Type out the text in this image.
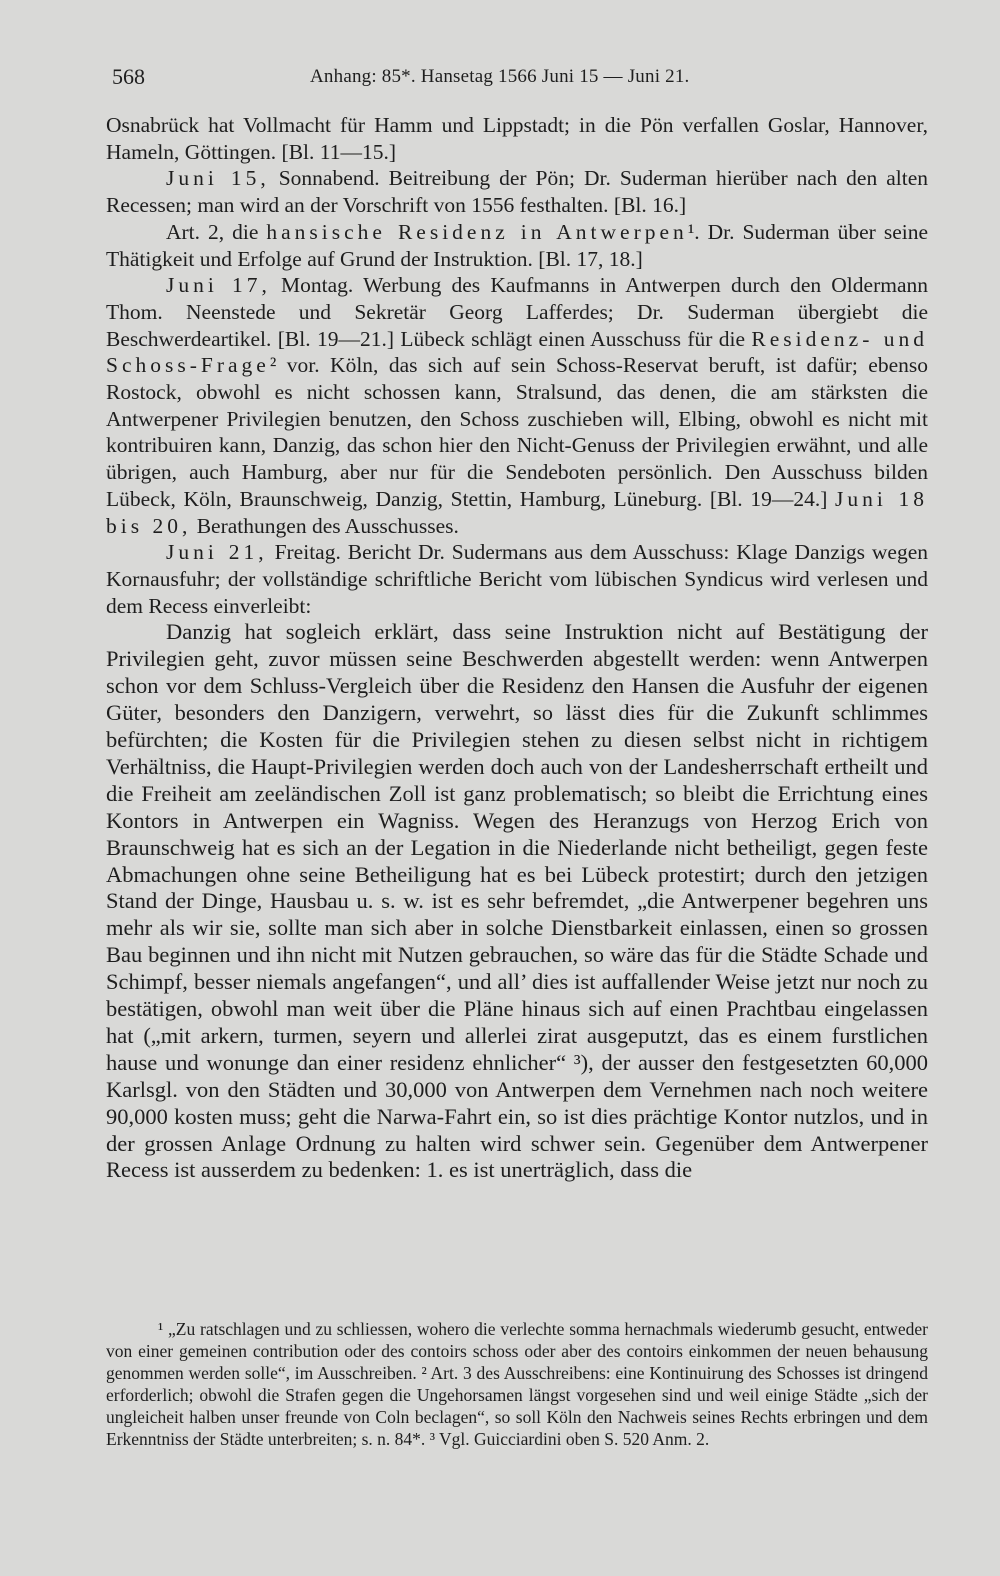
568	Anhang: 85*. Hansetag 1566 Juni 15 — Juni 21.

Osnabrück hat Vollmacht für Hamm und Lippstadt; in die Pön verfallen Goslar, Hannover, Hameln, Göttingen. [Bl. 11—15.]

Juni 15, Sonnabend. Beitreibung der Pön; Dr. Suderman hierüber nach den alten Recessen; man wird an der Vorschrift von 1556 festhalten. [Bl. 16.]

Art. 2, die hansische Residenz in Antwerpen¹. Dr. Suderman über seine Thätigkeit und Erfolge auf Grund der Instruktion. [Bl. 17, 18.]

Juni 17, Montag. Werbung des Kaufmanns in Antwerpen durch den Oldermann Thom. Neenstede und Sekretär Georg Lafferdes; Dr. Suderman übergiebt die Beschwerdeartikel. [Bl. 19—21.] Lübeck schlägt einen Ausschuss für die Residenz- und Schoss-Frage² vor. Köln, das sich auf sein Schoss-Reservat beruft, ist dafür; ebenso Rostock, obwohl es nicht schossen kann, Stralsund, das denen, die am stärksten die Antwerpener Privilegien benutzen, den Schoss zuschieben will, Elbing, obwohl es nicht mit kontribuiren kann, Danzig, das schon hier den Nicht-Genuss der Privilegien erwähnt, und alle übrigen, auch Hamburg, aber nur für die Sendeboten persönlich. Den Ausschuss bilden Lübeck, Köln, Braunschweig, Danzig, Stettin, Hamburg, Lüneburg. [Bl. 19—24.] Juni 18 bis 20, Berathungen des Ausschusses.

Juni 21, Freitag. Bericht Dr. Sudermans aus dem Ausschuss: Klage Danzigs wegen Kornausfuhr; der vollständige schriftliche Bericht vom lübischen Syndicus wird verlesen und dem Recess einverleibt:

Danzig hat sogleich erklärt, dass seine Instruktion nicht auf Bestätigung der Privilegien geht, zuvor müssen seine Beschwerden abgestellt werden: wenn Antwerpen schon vor dem Schluss-Vergleich über die Residenz den Hansen die Ausfuhr der eigenen Güter, besonders den Danzigern, verwehrt, so lässt dies für die Zukunft schlimmes befürchten; die Kosten für die Privilegien stehen zu diesen selbst nicht in richtigem Verhältniss, die Haupt-Privilegien werden doch auch von der Landesherrschaft ertheilt und die Freiheit am zeeländischen Zoll ist ganz problematisch; so bleibt die Errichtung eines Kontors in Antwerpen ein Wagniss. Wegen des Heranzugs von Herzog Erich von Braunschweig hat es sich an der Legation in die Niederlande nicht betheiligt, gegen feste Abmachungen ohne seine Betheiligung hat es bei Lübeck protestirt; durch den jetzigen Stand der Dinge, Hausbau u. s. w. ist es sehr befremdet, „die Antwerpener begehren uns mehr als wir sie, sollte man sich aber in solche Dienstbarkeit einlassen, einen so grossen Bau beginnen und ihn nicht mit Nutzen gebrauchen, so wäre das für die Städte Schade und Schimpf, besser niemals angefangen“, und all’ dies ist auffallender Weise jetzt nur noch zu bestätigen, obwohl man weit über die Pläne hinaus sich auf einen Prachtbau eingelassen hat („mit arkern, turmen, seyern und allerlei zirat ausgeputzt, das es einem furstlichen hause und wonunge dan einer residenz ehnlicher“ ³), der ausser den festgesetzten 60,000 Karlsgl. von den Städten und 30,000 von Antwerpen dem Vernehmen nach noch weitere 90,000 kosten muss; geht die Narwa-Fahrt ein, so ist dies prächtige Kontor nutzlos, und in der grossen Anlage Ordnung zu halten wird schwer sein. Gegenüber dem Antwerpener Recess ist ausserdem zu bedenken: 1. es ist unerträglich, dass die

¹ „Zu ratschlagen und zu schliessen, wohero die verlechte somma hernachmals wiederumb gesucht, entweder von einer gemeinen contribution oder des contoirs schoss oder aber des contoirs einkommen der neuen behausung genommen werden solle“, im Ausschreiben. ² Art. 3 des Ausschreibens: eine Kontinuirung des Schosses ist dringend erforderlich; obwohl die Strafen gegen die Ungehorsamen längst vorgesehen sind und weil einige Städte „sich der ungleicheit halben unser freunde von Coln beclagen“, so soll Köln den Nachweis seines Rechts erbringen und dem Erkenntniss der Städte unterbreiten; s. n. 84*. ³ Vgl. Guicciardini oben S. 520 Anm. 2.
